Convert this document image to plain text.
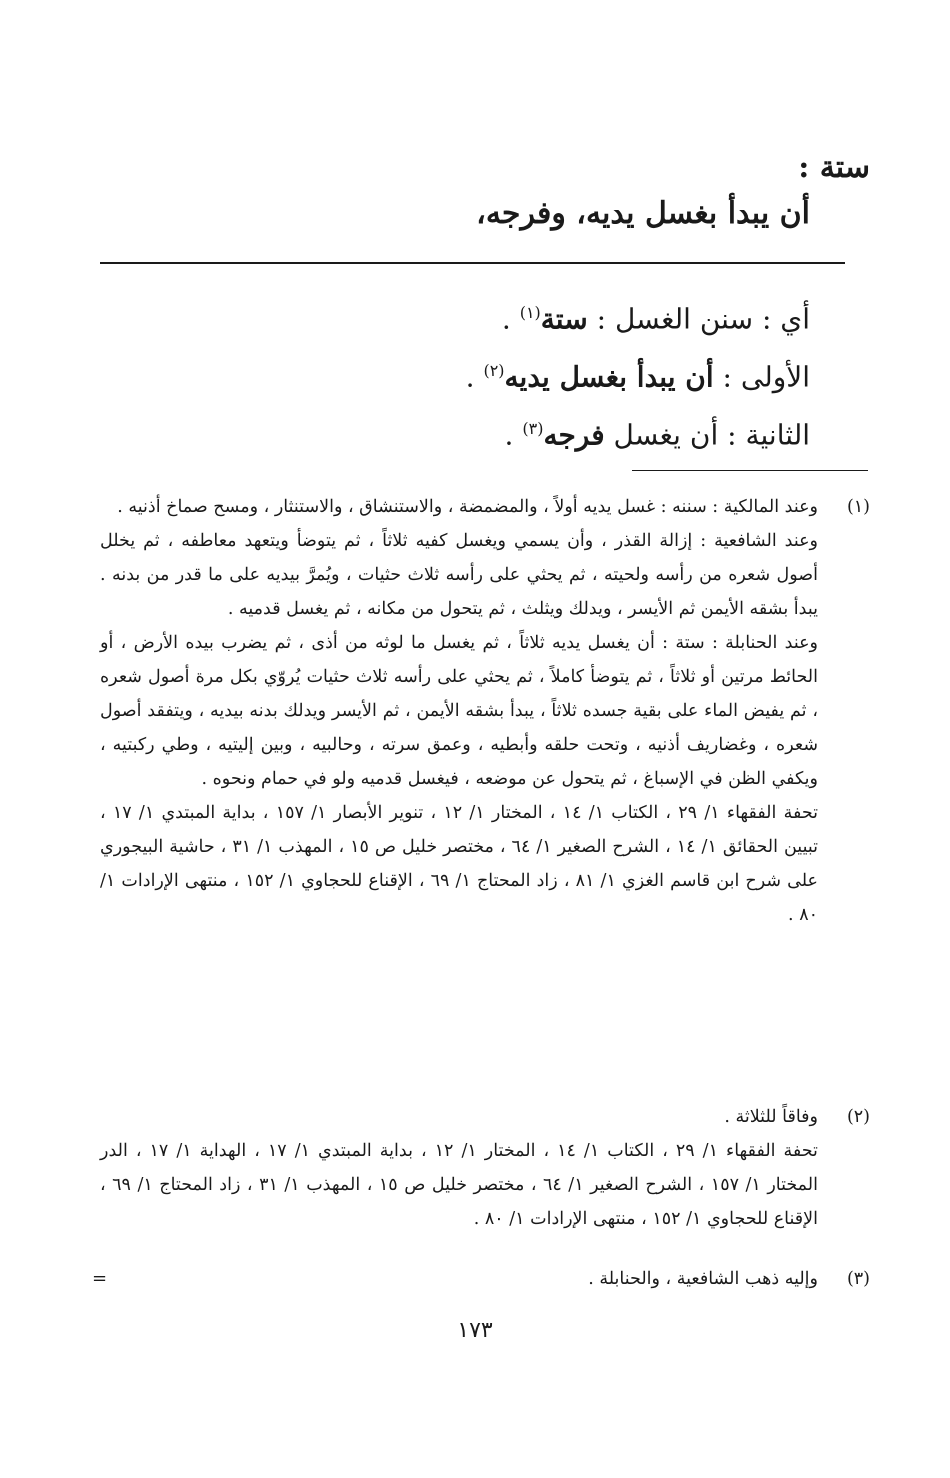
ستة :
أن يبدأ بغسل يديه، وفرجه،
أي : سنن الغسل : ستة$^{(١)}$ .
الأولى : أن يبدأ بغسل يديه$^{(٢)}$ .
الثانية : أن يغسل فرجه$^{(٣)}$ .
(١)

وعند المالكية : سننه : غسل يديه أولاً ، والمضمضة ، والاستنشاق ، والاستنثار ، ومسح صماخ أذنيه .

وعند الشافعية : إزالة القذر ، وأن يسمي ويغسل كفيه ثلاثاً ، ثم يتوضأ ويتعهد معاطفه ، ثم يخلل أصول شعره من رأسه ولحيته ، ثم يحثي على رأسه ثلاث حثيات ، ويُمرَّ بيديه على ما قدر من بدنه . يبدأ بشقه الأيمن ثم الأيسر ، ويدلك ويثلث ، ثم يتحول من مكانه ، ثم يغسل قدميه .

وعند الحنابلة : ستة : أن يغسل يديه ثلاثاً ، ثم يغسل ما لوثه من أذى ، ثم يضرب بيده الأرض ، أو الحائط مرتين أو ثلاثاً ، ثم يتوضأ كاملاً ، ثم يحثي على رأسه ثلاث حثيات يُروّي بكل مرة أصول شعره ، ثم يفيض الماء على بقية جسده ثلاثاً ، يبدأ بشقه الأيمن ، ثم الأيسر ويدلك بدنه بيديه ، ويتفقد أصول شعره ، وغضاريف أذنيه ، وتحت حلقه وأبطيه ، وعمق سرته ، وحالبيه ، وبين إليتيه ، وطي ركبتيه ، ويكفي الظن في الإسباغ ، ثم يتحول عن موضعه ، فيغسل قدميه ولو في حمام ونحوه .

تحفة الفقهاء ١/ ٢٩ ، الكتاب ١/ ١٤ ، المختار ١/ ١٢ ، تنوير الأبصار ١/ ١٥٧ ، بداية المبتدي ١/ ١٧ ، تبيين الحقائق ١/ ١٤ ، الشرح الصغير ١/ ٦٤ ، مختصر خليل ص ١٥ ، المهذب ١/ ٣١ ، حاشية البيجوري على شرح ابن قاسم الغزي ١/ ٨١ ، زاد المحتاج ١/ ٦٩ ، الإقناع للحجاوي ١/ ١٥٢ ، منتهى الإرادات ١/ ٨٠ .

(٢)

وفاقاً للثلاثة .

تحفة الفقهاء ١/ ٢٩ ، الكتاب ١/ ١٤ ، المختار ١/ ١٢ ، بداية المبتدي ١/ ١٧ ، الهداية ١/ ١٧ ، الدر المختار ١/ ١٥٧ ، الشرح الصغير ١/ ٦٤ ، مختصر خليل ص ١٥ ، المهذب ١/ ٣١ ، زاد المحتاج ١/ ٦٩ ، الإقناع للحجاوي ١/ ١٥٢ ، منتهى الإرادات ١/ ٨٠ .

(٣)

وإليه ذهب الشافعية ، والحنابلة .

=
١٧٣
